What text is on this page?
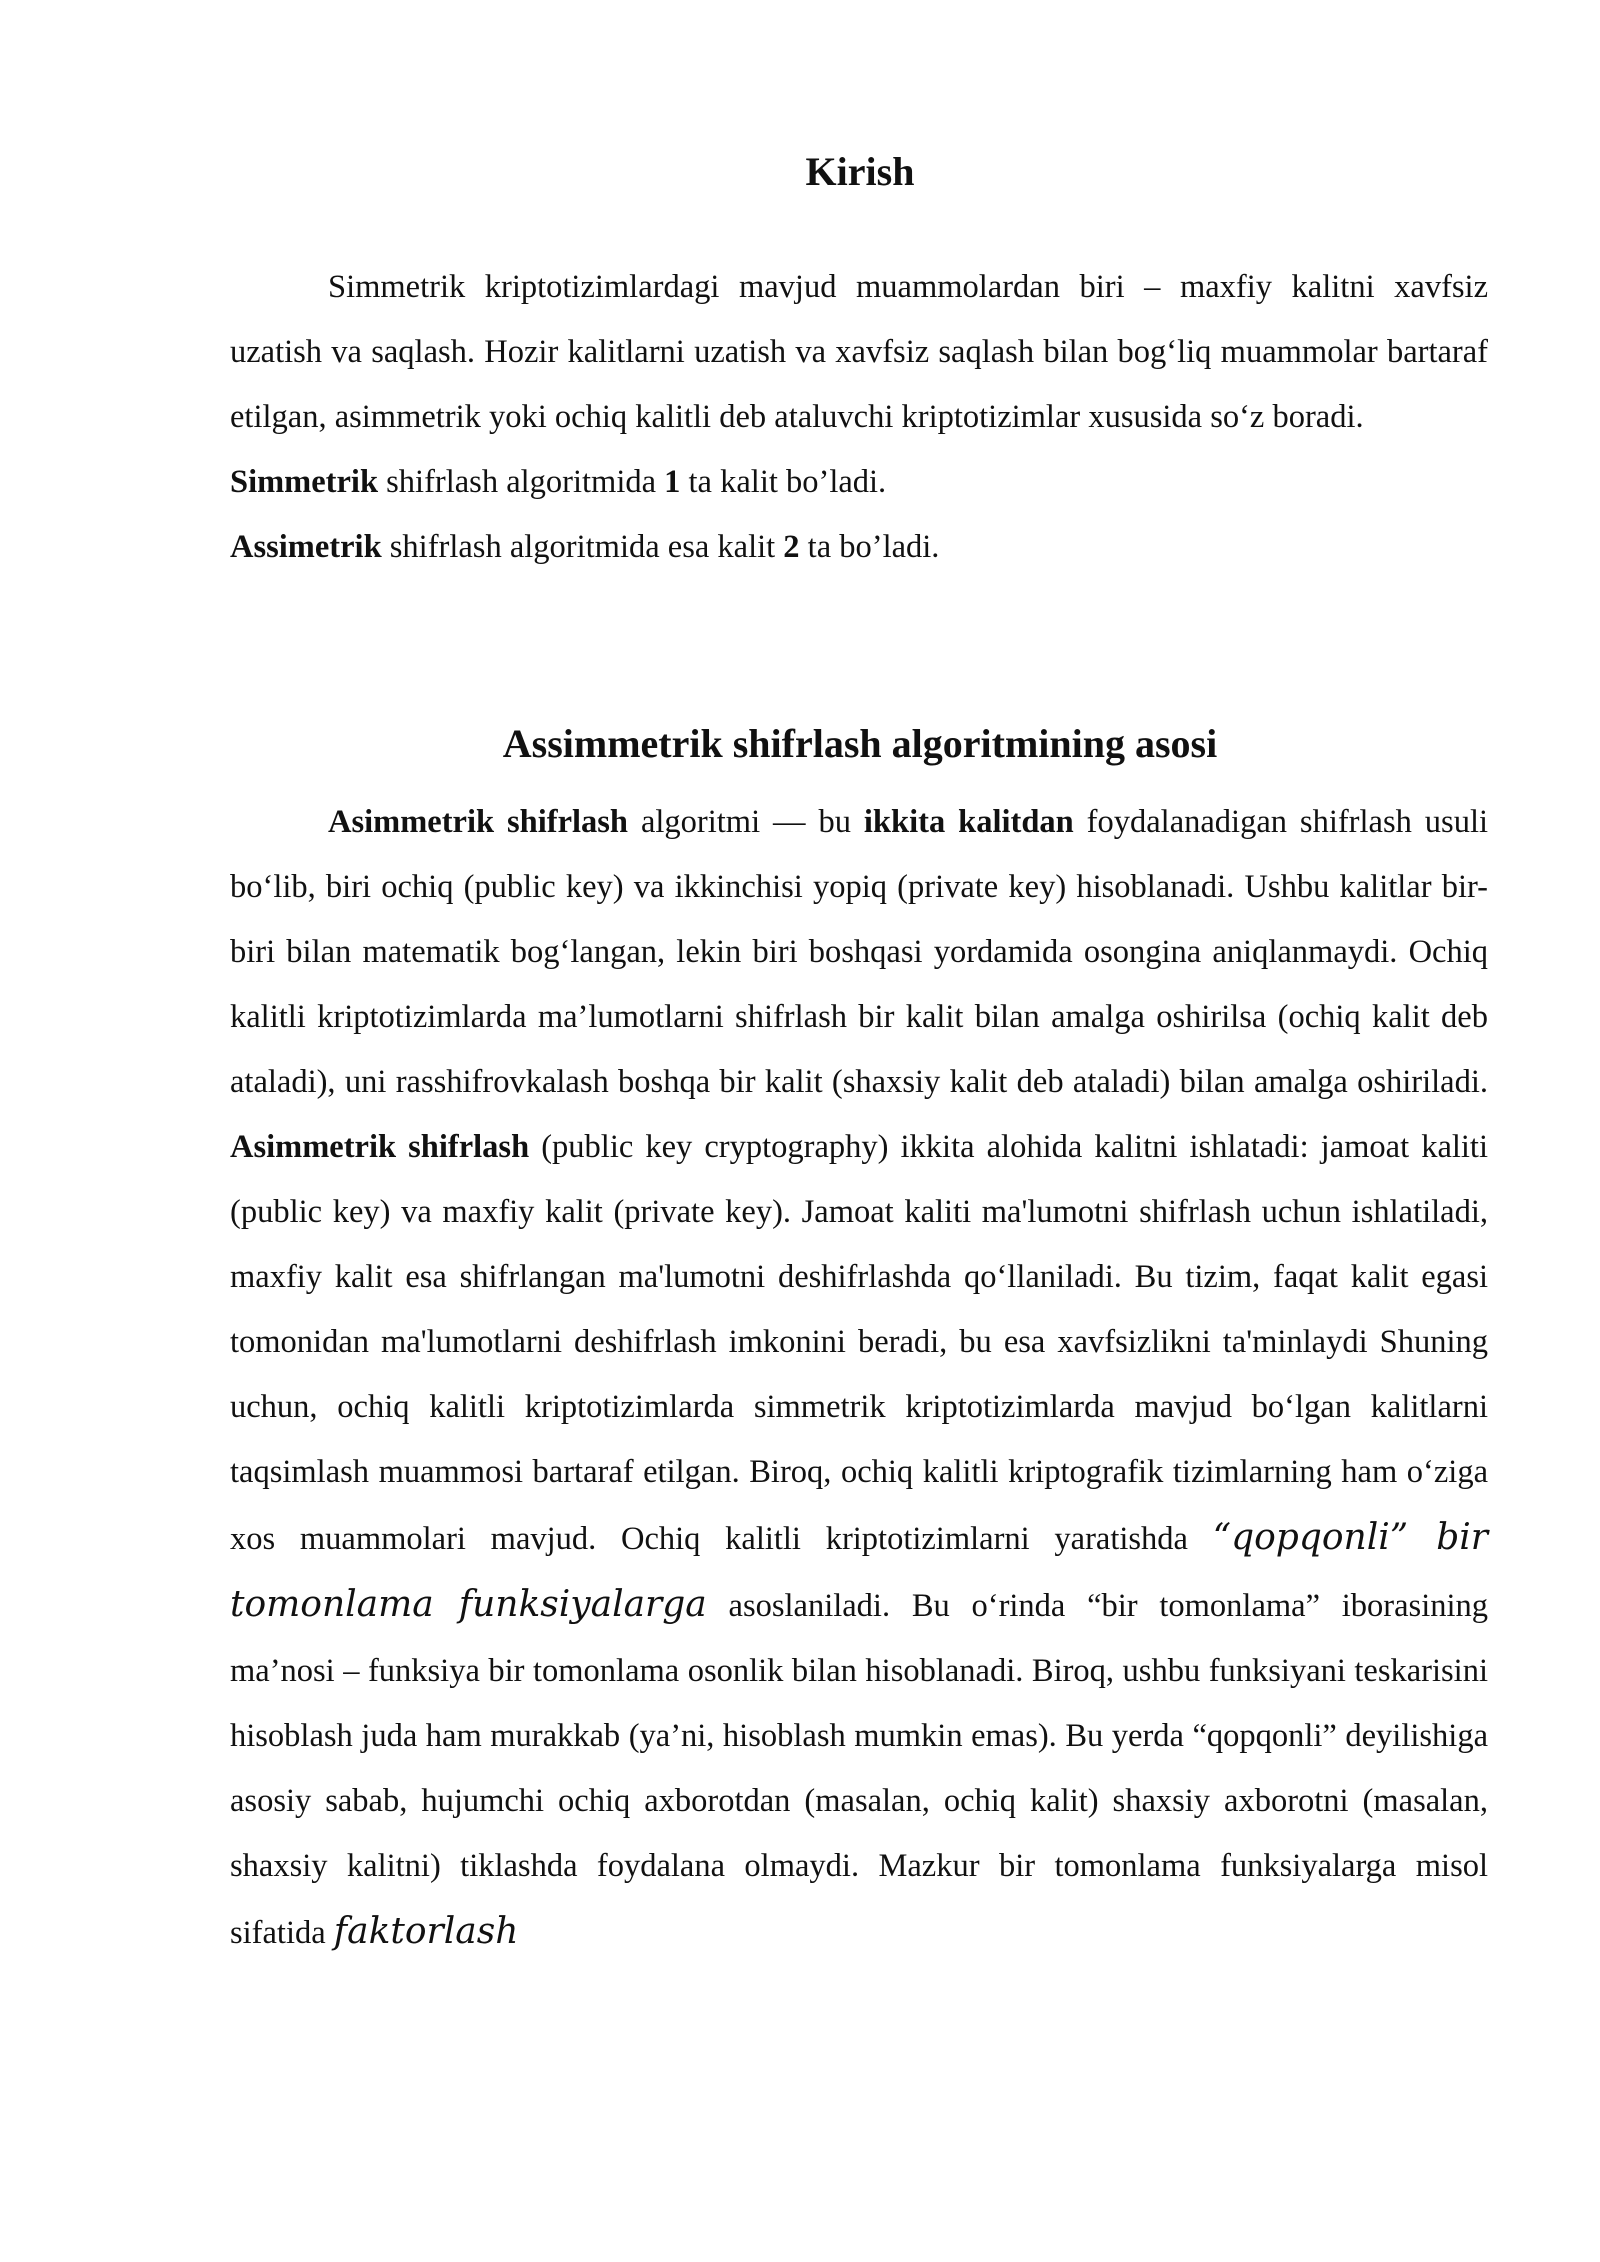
Kirish
Simmetrik kriptotizimlardagi mavjud muammolardan biri – maxfiy kalitni xavfsiz uzatish va saqlash. Hozir kalitlarni uzatish va xavfsiz saqlash bilan bog‘liq muammolar bartaraf etilgan, asimmetrik yoki ochiq kalitli deb ataluvchi kriptotizimlar xususida so‘z boradi.
Simmetrik shifrlash algoritmida 1 ta kalit bo’ladi.
Assimetrik shifrlash algoritmida esa kalit 2 ta bo’ladi.
Assimmetrik shifrlash algoritmining asosi
Asimmetrik shifrlash algoritmi — bu ikkita kalitdan foydalanadigan shifrlash usuli bo‘lib, biri ochiq (public key) va ikkinchisi yopiq (private key) hisoblanadi. Ushbu kalitlar bir-biri bilan matematik bog‘langan, lekin biri boshqasi yordamida osongina aniqlanmaydi. Ochiq kalitli kriptotizimlarda ma’lumotlarni shifrlash bir kalit bilan amalga oshirilsa (ochiq kalit deb ataladi), uni rasshifrovkalash boshqa bir kalit (shaxsiy kalit deb ataladi) bilan amalga oshiriladi. Asimmetrik shifrlash (public key cryptography) ikkita alohida kalitni ishlatadi: jamoat kaliti (public key) va maxfiy kalit (private key). Jamoat kaliti ma'lumotni shifrlash uchun ishlatiladi, maxfiy kalit esa shifrlangan ma'lumotni deshifrlashda qo‘llaniladi. Bu tizim, faqat kalit egasi tomonidan ma'lumotlarni deshifrlash imkonini beradi, bu esa xavfsizlikni ta'minlaydi Shuning uchun, ochiq kalitli kriptotizimlarda simmetrik kriptotizimlarda mavjud bo‘lgan kalitlarni taqsimlash muammosi bartaraf etilgan. Biroq, ochiq kalitli kriptografik tizimlarning ham o‘ziga xos muammolari mavjud. Ochiq kalitli kriptotizimlarni yaratishda “qopqonli” bir tomonlama funksiyalarga asoslaniladi. Bu o‘rinda “bir tomonlama” iborasining ma’nosi – funksiya bir tomonlama osonlik bilan hisoblanadi. Biroq, ushbu funksiyani teskarisini hisoblash juda ham murakkab (ya’ni, hisoblash mumkin emas). Bu yerda “qopqonli” deyilishiga asosiy sabab, hujumchi ochiq axborotdan (masalan, ochiq kalit) shaxsiy axborotni (masalan, shaxsiy kalitni) tiklashda foydalana olmaydi. Mazkur bir tomonlama funksiyalarga misol sifatida faktorlash
